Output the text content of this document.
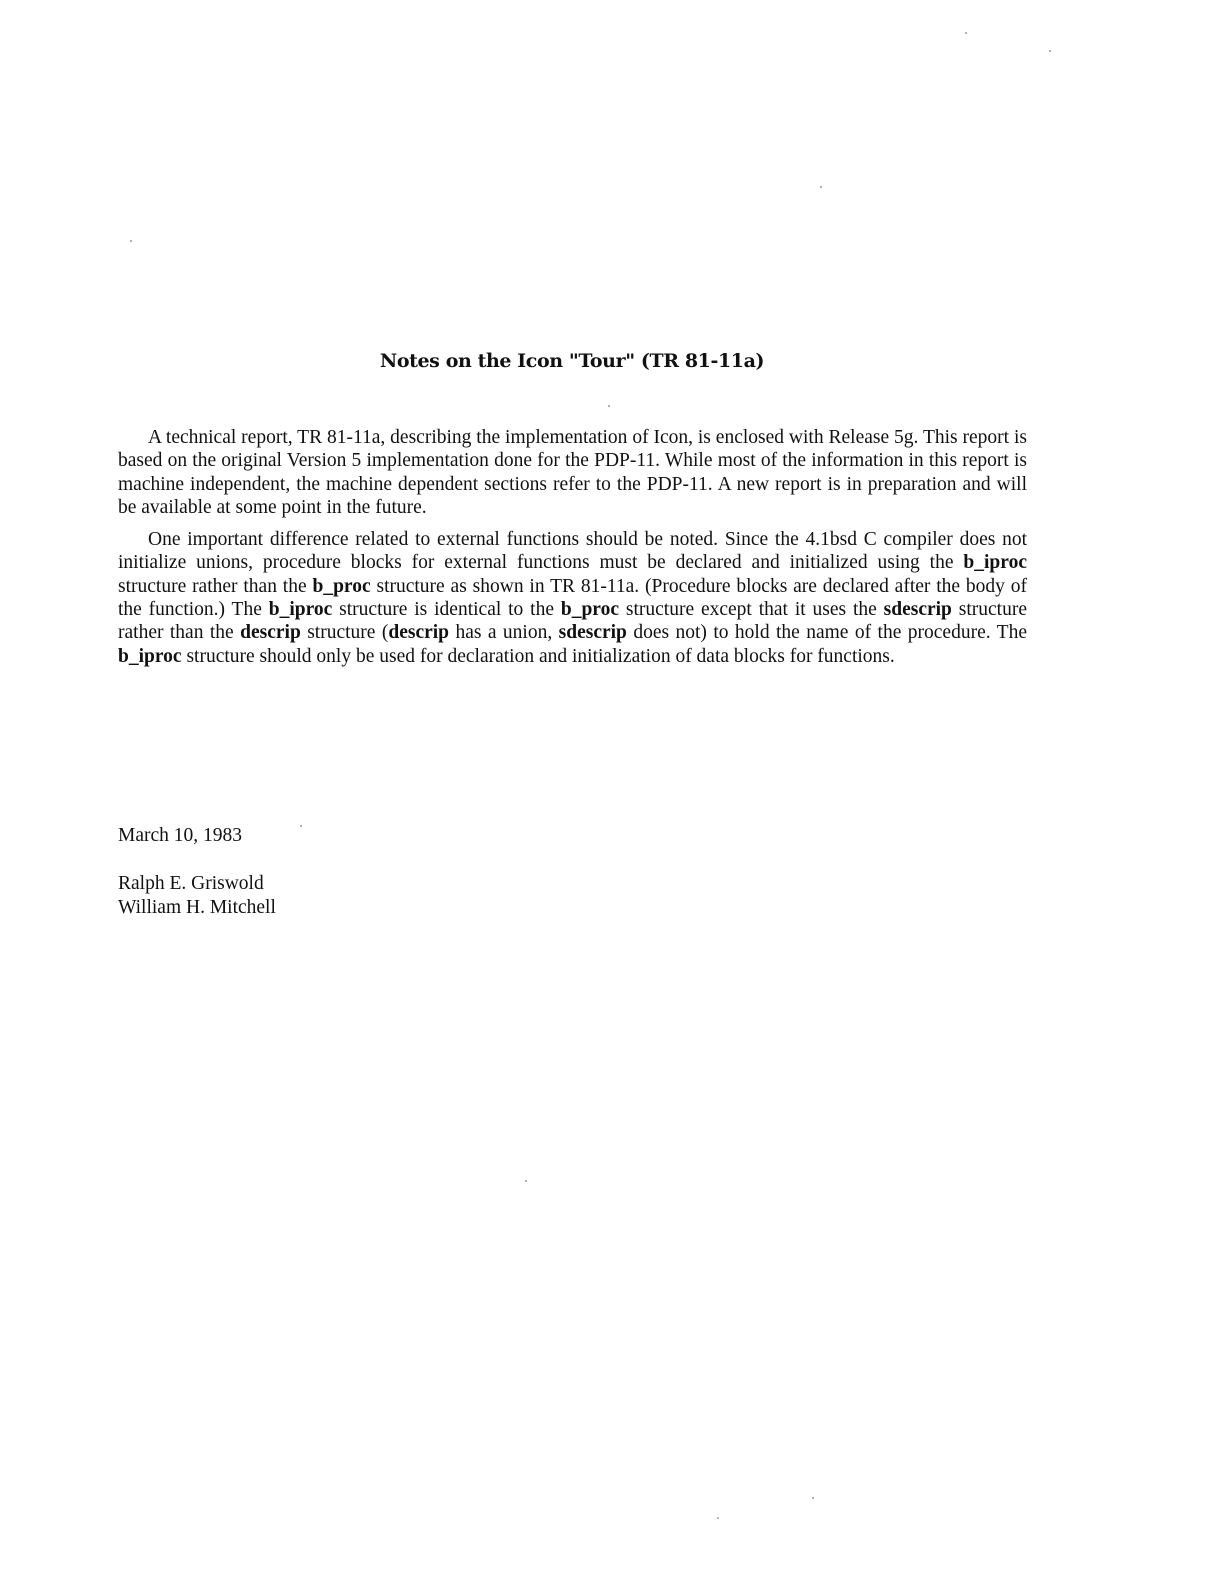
Notes on the Icon "Tour" (TR 81-11a)

A technical report, TR 81-11a, describing the implementation of Icon, is enclosed with Release 5g. This report is based on the original Version 5 implementation done for the PDP-11. While most of the information in this report is machine independent, the machine dependent sections refer to the PDP-11. A new report is in preparation and will be available at some point in the future.

One important difference related to external functions should be noted. Since the 4.1bsd C compiler does not initialize unions, procedure blocks for external functions must be declared and initialized using the b_iproc structure rather than the b_proc structure as shown in TR 81-11a. (Procedure blocks are declared after the body of the function.) The b_iproc structure is identical to the b_proc structure except that it uses the sdescrip structure rather than the descrip structure (descrip has a union, sdescrip does not) to hold the name of the procedure. The b_iproc structure should only be used for declaration and initialization of data blocks for functions.

March 10, 1983
Ralph E. Griswold
William H. Mitchell
